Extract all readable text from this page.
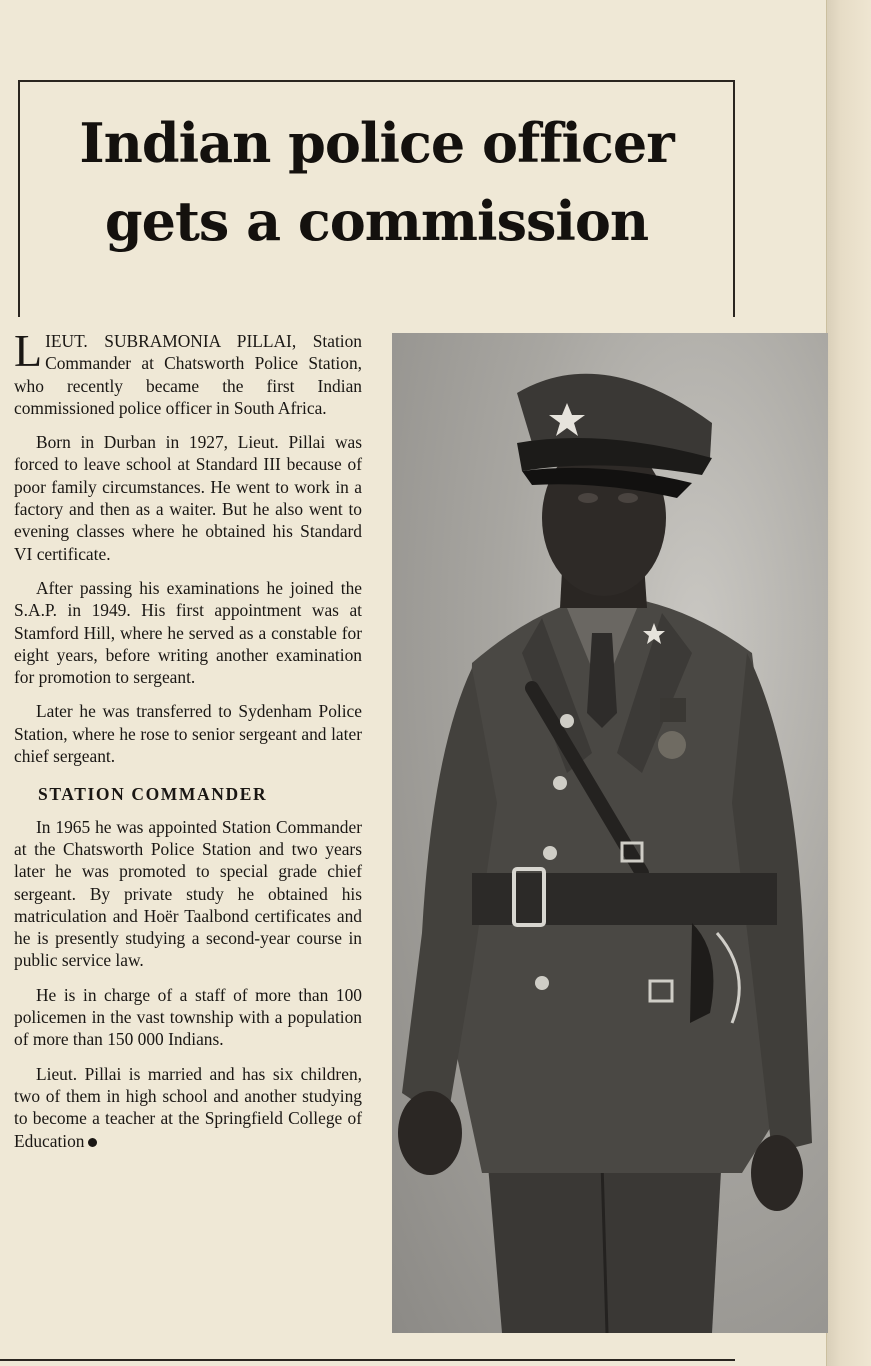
Indian police officer
gets a commission

LIEUT. SUBRAMONIA PILLAI, Station Commander at Chatsworth Police Station, who recently became the first Indian commissioned police officer in South Africa.

Born in Durban in 1927, Lieut. Pillai was forced to leave school at Standard III because of poor family circumstances. He went to work in a factory and then as a waiter. But he also went to evening classes where he obtained his Standard VI certificate.

After passing his examinations he joined the S.A.P. in 1949. His first appointment was at Stamford Hill, where he served as a constable for eight years, before writing another examination for promotion to sergeant.

Later he was transferred to Sydenham Police Station, where he rose to senior sergeant and later chief sergeant.

STATION COMMANDER

In 1965 he was appointed Station Commander at the Chatsworth Police Station and two years later he was promoted to special grade chief sergeant. By private study he obtained his matriculation and Hoër Taalbond certificates and he is presently studying a second-year course in public service law.

He is in charge of a staff of more than 100 policemen in the vast township with a population of more than 150 000 Indians.

Lieut. Pillai is married and has six children, two of them in high school and another studying to become a teacher at the Springfield College of Education
